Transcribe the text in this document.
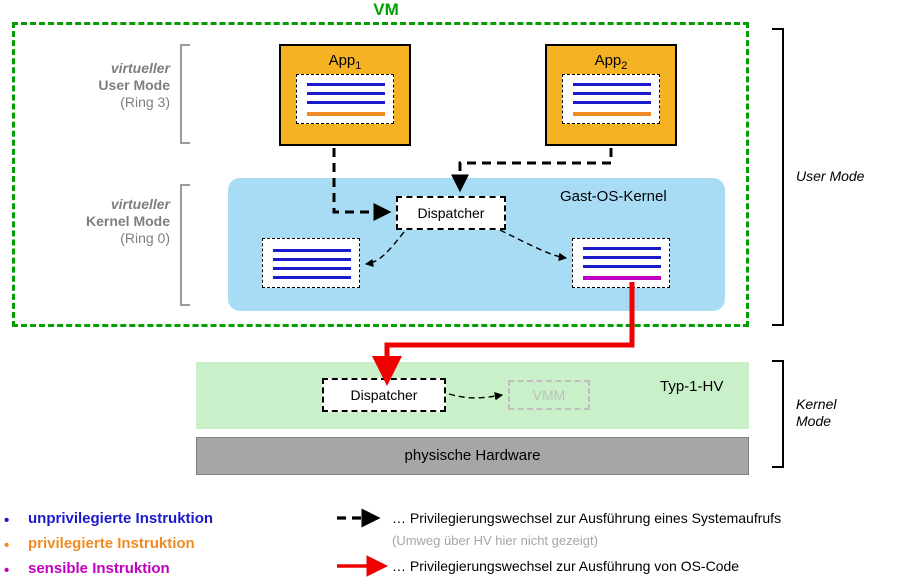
VM
virtueller
User Mode
(Ring 3)
virtueller
Kernel Mode
(Ring 0)
User Mode
Kernel
Mode
App$_1$	App$_2$
Gast-OS-Kernel
Dispatcher
Typ-1-HV
Dispatcher	VMM
physische Hardware
• unprivilegierte Instruktion
• privilegierte Instruktion
• sensible Instruktion
… Privilegierungswechsel zur Ausführung eines Systemaufrufs
(Umweg über HV hier nicht gezeigt)
… Privilegierungswechsel zur Ausführung von OS-Code
